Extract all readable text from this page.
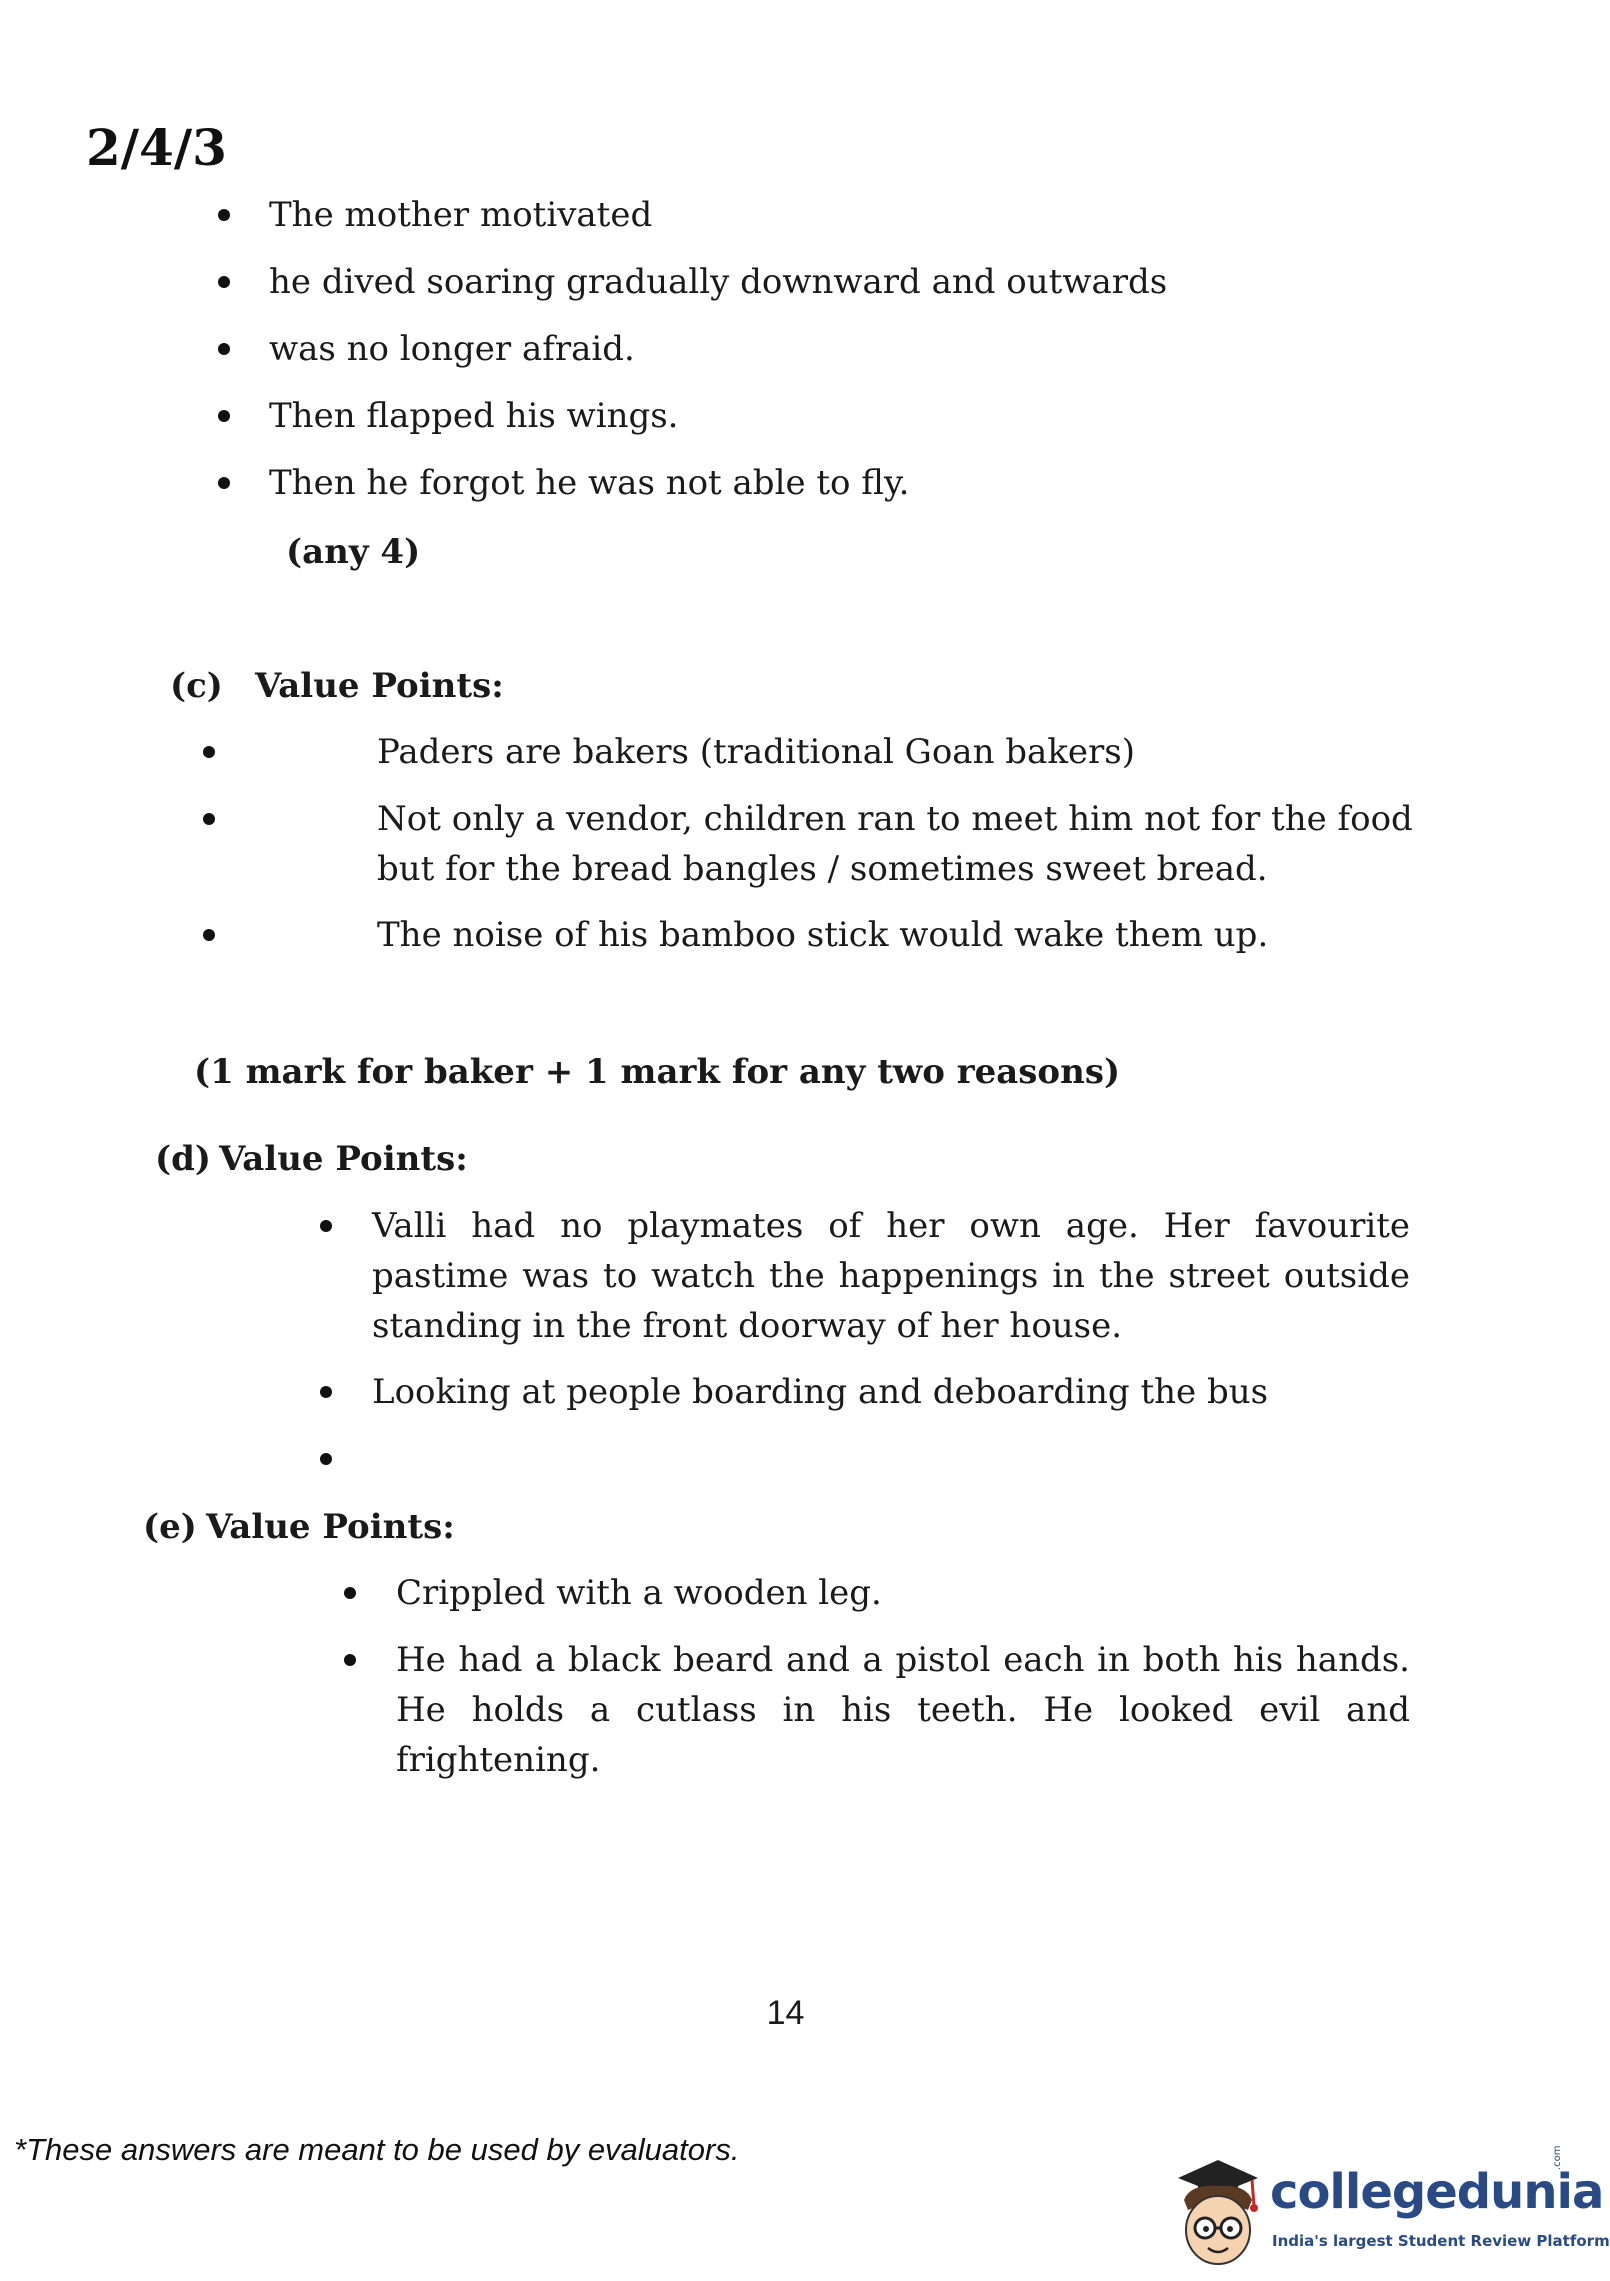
2/4/3
The mother motivated
he dived soaring gradually downward and outwards
was no longer afraid.
Then flapped his wings.
Then he forgot he was not able to fly.
(any 4)
(c) Value Points:
Paders are bakers (traditional Goan bakers)
Not only a vendor, children ran to meet him not for the food but for the bread bangles / sometimes sweet bread.
The noise of his bamboo stick would wake them up.
(1 mark for baker + 1 mark for any two reasons)
(d) Value Points:
Valli had no playmates of her own age. Her favourite pastime was to watch the happenings in the street outside standing in the front doorway of her house.
Looking at people boarding and deboarding the bus
(e) Value Points:
Crippled with a wooden leg.
He had a black beard and a pistol each in both his hands. He holds a cutlass in his teeth. He looked evil and frightening.
14
*These answers are meant to be used by evaluators.
collegedunia
.com
India's largest Student Review Platform
